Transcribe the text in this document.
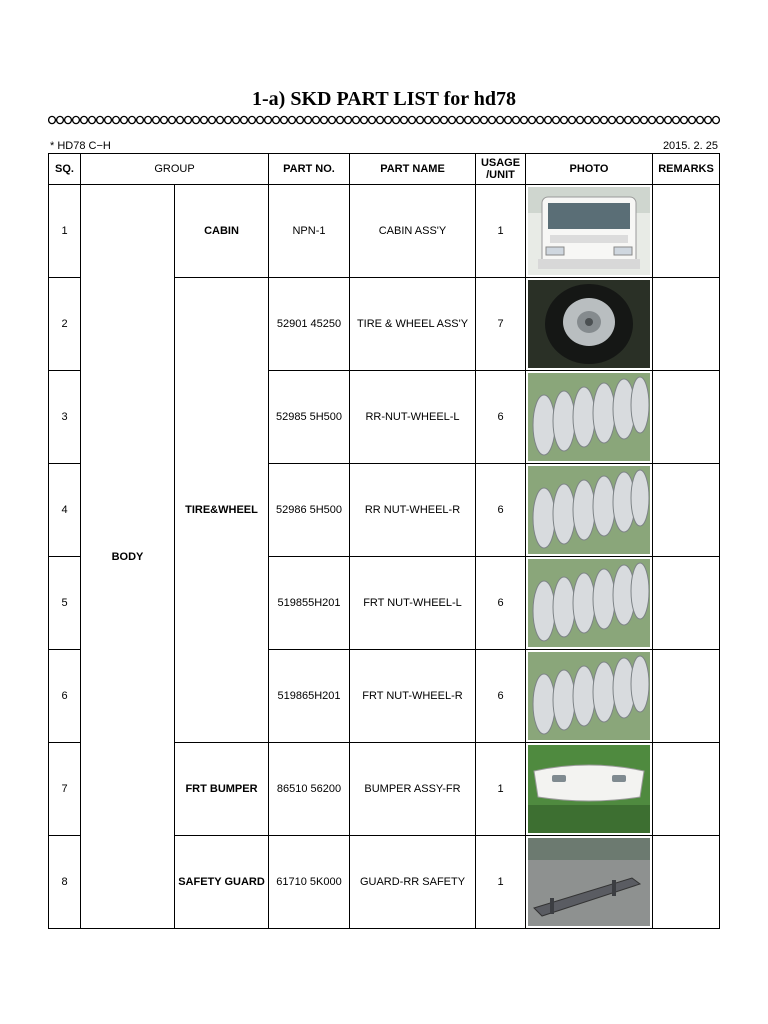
1-a) SKD PART LIST for hd78
* HD78 C−H	2015. 2. 25
SQ.	GROUP		PART NO.	PART NAME	USAGE /UNIT	PHOTO	REMARKS
1	BODY	CABIN	NPN-1	CABIN ASS'Y	1	

2		TIRE&WHEEL	52901 45250	TIRE & WHEEL ASS'Y	7	

3			52985 5H500	RR-NUT-WHEEL-L	6	

4			52986 5H500	RR NUT-WHEEL-R	6	

5			519855H201	FRT NUT-WHEEL-L	6	

6			519865H201	FRT NUT-WHEEL-R	6	

7		FRT BUMPER	86510 56200	BUMPER ASSY-FR	1	

8		SAFETY GUARD	61710 5K000	GUARD-RR SAFETY	1	
